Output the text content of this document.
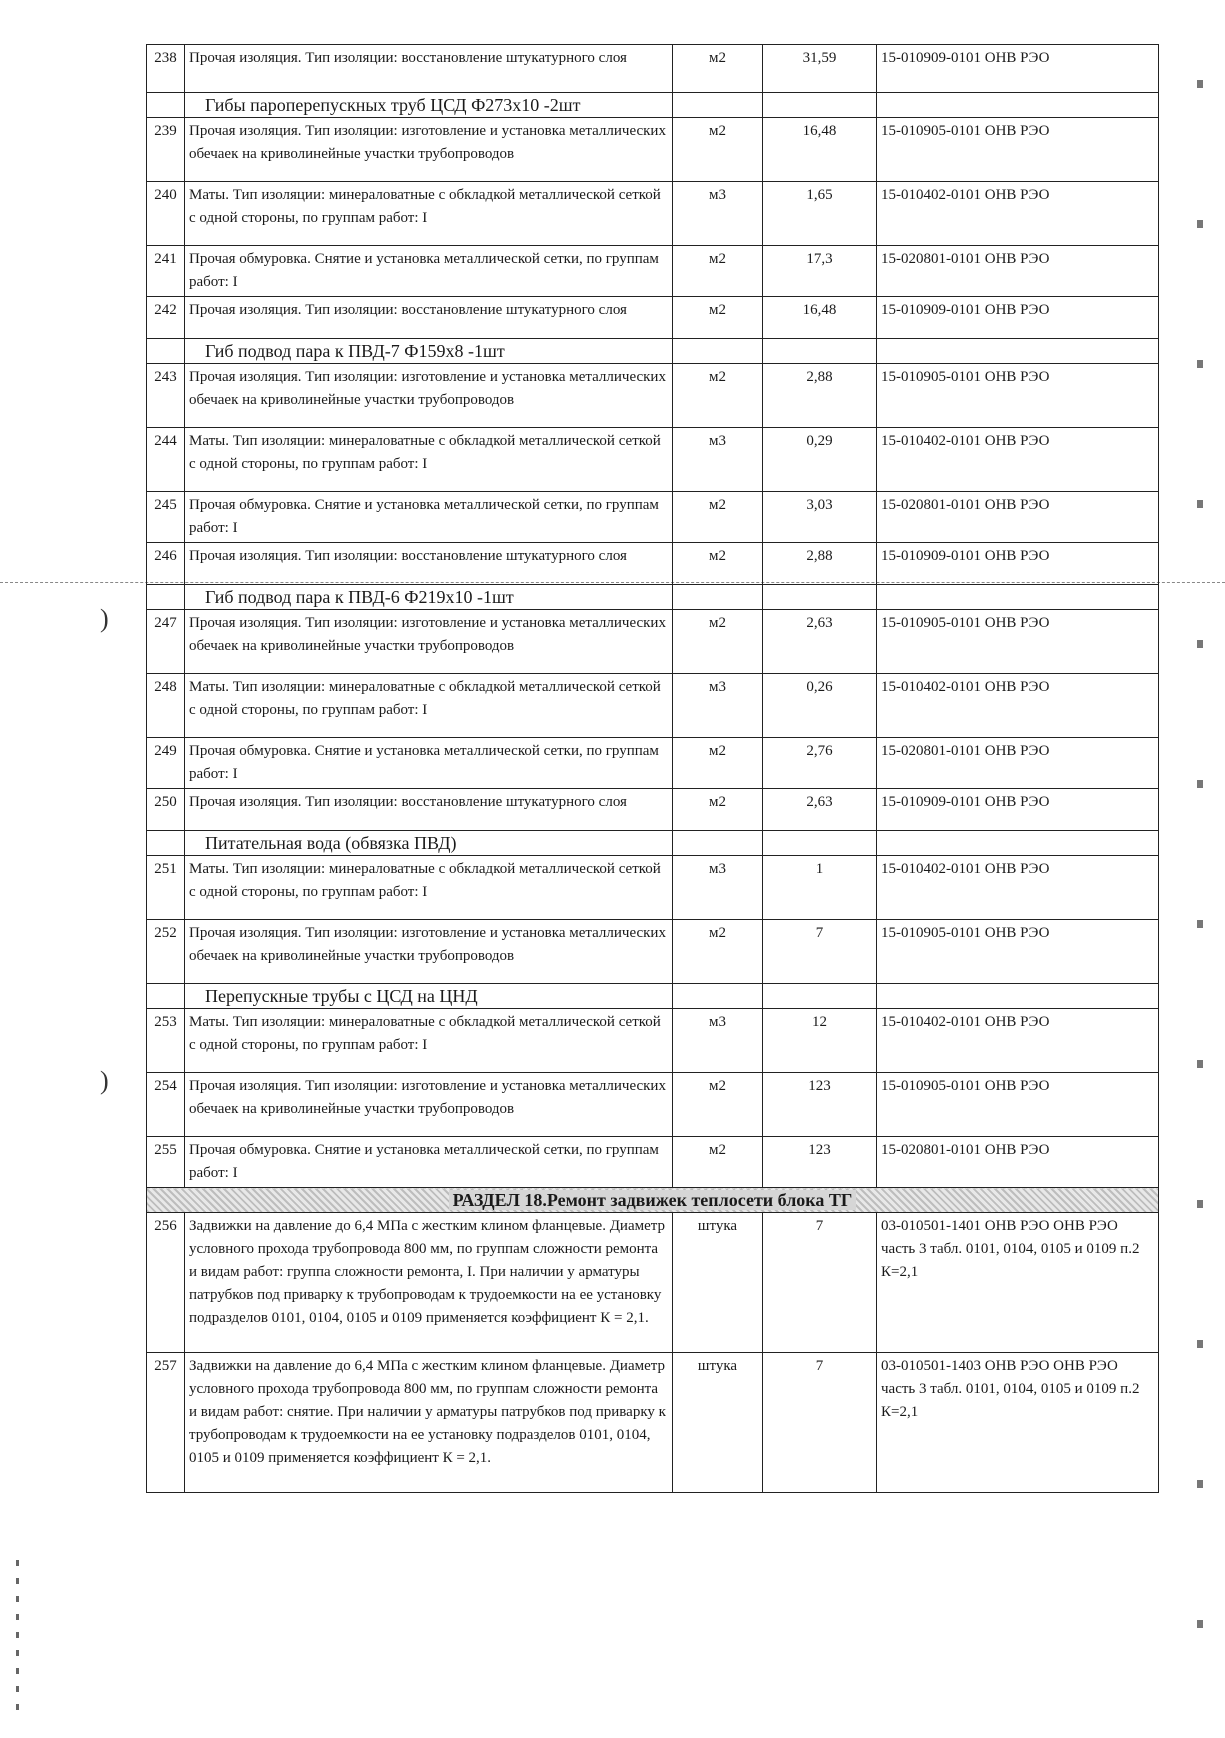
)
)
238	Прочая изоляция. Тип изоляции: восстановление штукатурного слоя	м2	31,59	15-010909-0101 ОНВ РЭО
	Гибы пароперепускных труб ЦСД Ф273х10 -2шт			
239	Прочая изоляция. Тип изоляции: изготовление и установка металлических обечаек на криволинейные участки трубопроводов	м2	16,48	15-010905-0101 ОНВ РЭО
240	Маты. Тип изоляции: минераловатные с обкладкой металлической сеткой с одной стороны, по группам работ: I	м3	1,65	15-010402-0101 ОНВ РЭО
241	Прочая обмуровка. Снятие и установка металлической сетки, по группам работ: I	м2	17,3	15-020801-0101 ОНВ РЭО
242	Прочая изоляция. Тип изоляции: восстановление штукатурного слоя	м2	16,48	15-010909-0101 ОНВ РЭО
	Гиб подвод пара к ПВД-7 Ф159х8 -1шт			
243	Прочая изоляция. Тип изоляции: изготовление и установка металлических обечаек на криволинейные участки трубопроводов	м2	2,88	15-010905-0101 ОНВ РЭО
244	Маты. Тип изоляции: минераловатные с обкладкой металлической сеткой с одной стороны, по группам работ: I	м3	0,29	15-010402-0101 ОНВ РЭО
245	Прочая обмуровка. Снятие и установка металлической сетки, по группам работ: I	м2	3,03	15-020801-0101 ОНВ РЭО
246	Прочая изоляция. Тип изоляции: восстановление штукатурного слоя	м2	2,88	15-010909-0101 ОНВ РЭО
	Гиб подвод пара к ПВД-6 Ф219х10 -1шт			
247	Прочая изоляция. Тип изоляции: изготовление и установка металлических обечаек на криволинейные участки трубопроводов	м2	2,63	15-010905-0101 ОНВ РЭО
248	Маты. Тип изоляции: минераловатные с обкладкой металлической сеткой с одной стороны, по группам работ: I	м3	0,26	15-010402-0101 ОНВ РЭО
249	Прочая обмуровка. Снятие и установка металлической сетки, по группам работ: I	м2	2,76	15-020801-0101 ОНВ РЭО
250	Прочая изоляция. Тип изоляции: восстановление штукатурного слоя	м2	2,63	15-010909-0101 ОНВ РЭО
	Питательная вода (обвязка ПВД)			
251	Маты. Тип изоляции: минераловатные с обкладкой металлической сеткой с одной стороны, по группам работ: I	м3	1	15-010402-0101 ОНВ РЭО
252	Прочая изоляция. Тип изоляции: изготовление и установка металлических обечаек на криволинейные участки трубопроводов	м2	7	15-010905-0101 ОНВ РЭО
	Перепускные трубы с ЦСД на ЦНД			
253	Маты. Тип изоляции: минераловатные с обкладкой металлической сеткой с одной стороны, по группам работ: I	м3	12	15-010402-0101 ОНВ РЭО
254	Прочая изоляция. Тип изоляции: изготовление и установка металлических обечаек на криволинейные участки трубопроводов	м2	123	15-010905-0101 ОНВ РЭО
255	Прочая обмуровка. Снятие и установка металлической сетки, по группам работ: I	м2	123	15-020801-0101 ОНВ РЭО
РАЗДЕЛ 18.Ремонт задвижек теплосети блока ТГ				
256	Задвижки на давление до 6,4 МПа с жестким клином фланцевые. Диаметр условного прохода трубопровода 800 мм, по группам сложности ремонта и видам работ: группа сложности ремонта, I. При наличии у арматуры патрубков под приварку к трубопроводам к трудоемкости на ее установку подразделов 0101, 0104, 0105 и 0109 применяется коэффициент К = 2,1.	штука	7	03-010501-1401 ОНВ РЭО ОНВ РЭО часть 3 табл. 0101, 0104, 0105 и 0109 п.2 К=2,1
257	Задвижки на давление до 6,4 МПа с жестким клином фланцевые. Диаметр условного прохода трубопровода 800 мм, по группам сложности ремонта и видам работ: снятие. При наличии у арматуры патрубков под приварку к трубопроводам к трудоемкости на ее установку подразделов 0101, 0104, 0105 и 0109 применяется коэффициент К = 2,1.	штука	7	03-010501-1403 ОНВ РЭО ОНВ РЭО часть 3 табл. 0101, 0104, 0105 и 0109 п.2 К=2,1
